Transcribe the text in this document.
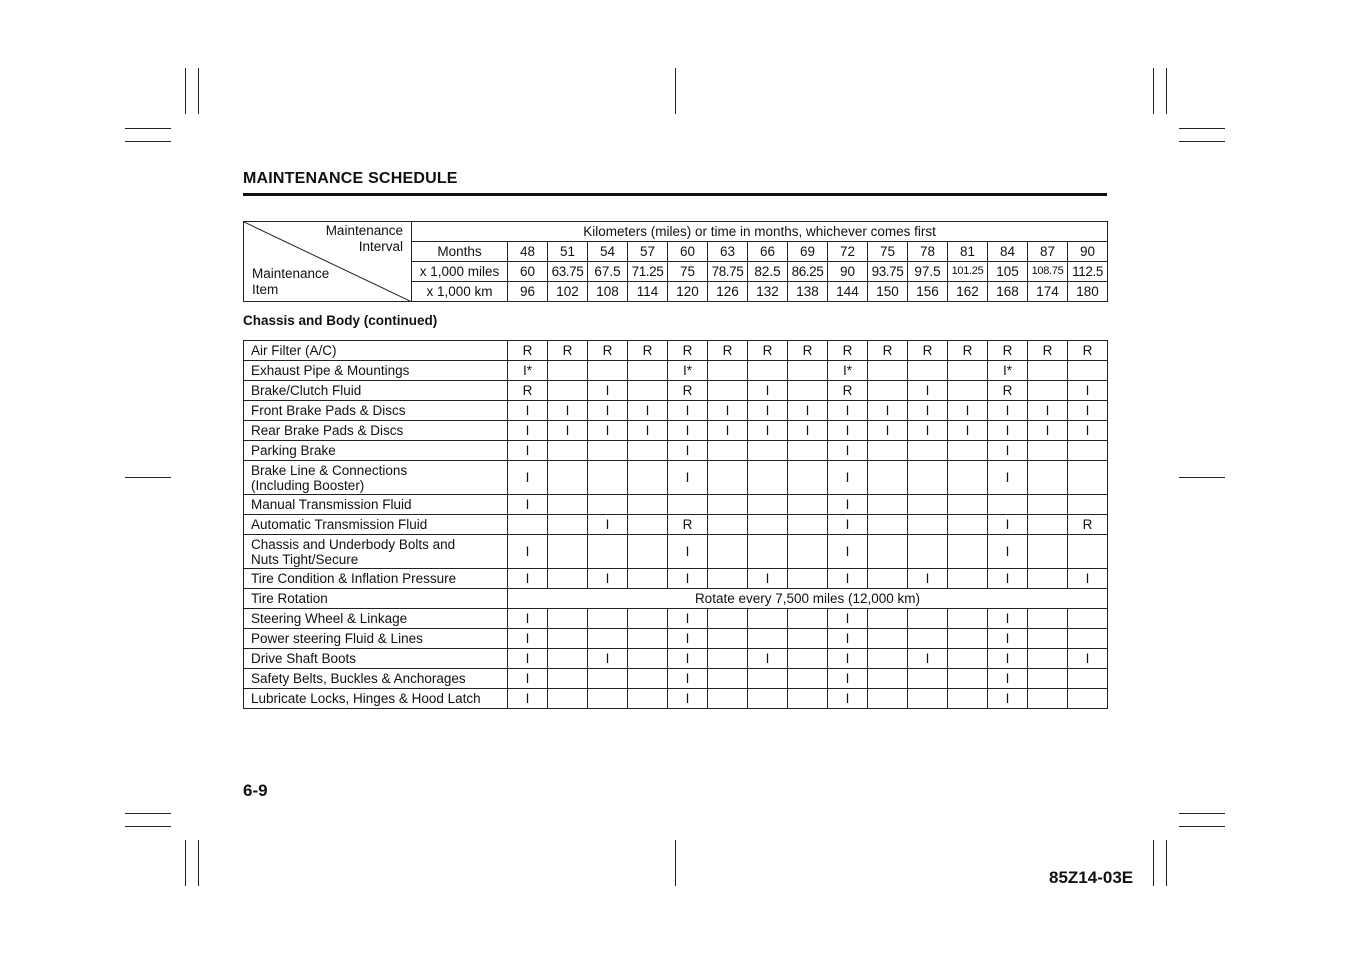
MAINTENANCE SCHEDULE
Maintenance
Interval
Maintenance
Item	Kilometers (miles) or time in months, whichever comes first															
	Months	48	51	54	57	60	63	66	69	72	75	78	81	84	87	90
	x 1,000 miles	60	63.75	67.5	71.25	75	78.75	82.5	86.25	90	93.75	97.5	101.25	105	108.75	112.5
	x 1,000 km	96	102	108	114	120	126	132	138	144	150	156	162	168	174	180
Chassis and Body (continued)
Air Filter (A/C)	R	R	R	R	R	R	R	R	R	R	R	R	R	R	R
Exhaust Pipe & Mountings	I*				I*				I*				I*		
Brake/Clutch Fluid	R		I		R		I		R		I		R		I
Front Brake Pads & Discs	I	I	I	I	I	I	I	I	I	I	I	I	I	I	I
Rear Brake Pads & Discs	I	I	I	I	I	I	I	I	I	I	I	I	I	I	I
Parking Brake	I				I				I				I		
Brake Line & Connections
(Including Booster)	I				I				I				I		
Manual Transmission Fluid	I								I						
Automatic Transmission Fluid			I		R				I				I		R
Chassis and Underbody Bolts and
Nuts Tight/Secure	I				I				I				I		
Tire Condition & Inflation Pressure	I		I		I		I		I		I		I		I
Tire Rotation	Rotate every 7,500 miles (12,000 km)														
Steering Wheel & Linkage	I				I				I				I		
Power steering Fluid & Lines	I				I				I				I		
Drive Shaft Boots	I		I		I		I		I		I		I		I
Safety Belts, Buckles & Anchorages	I				I				I				I		
Lubricate Locks, Hinges & Hood Latch	I				I				I				I		
6-9
85Z14-03E
